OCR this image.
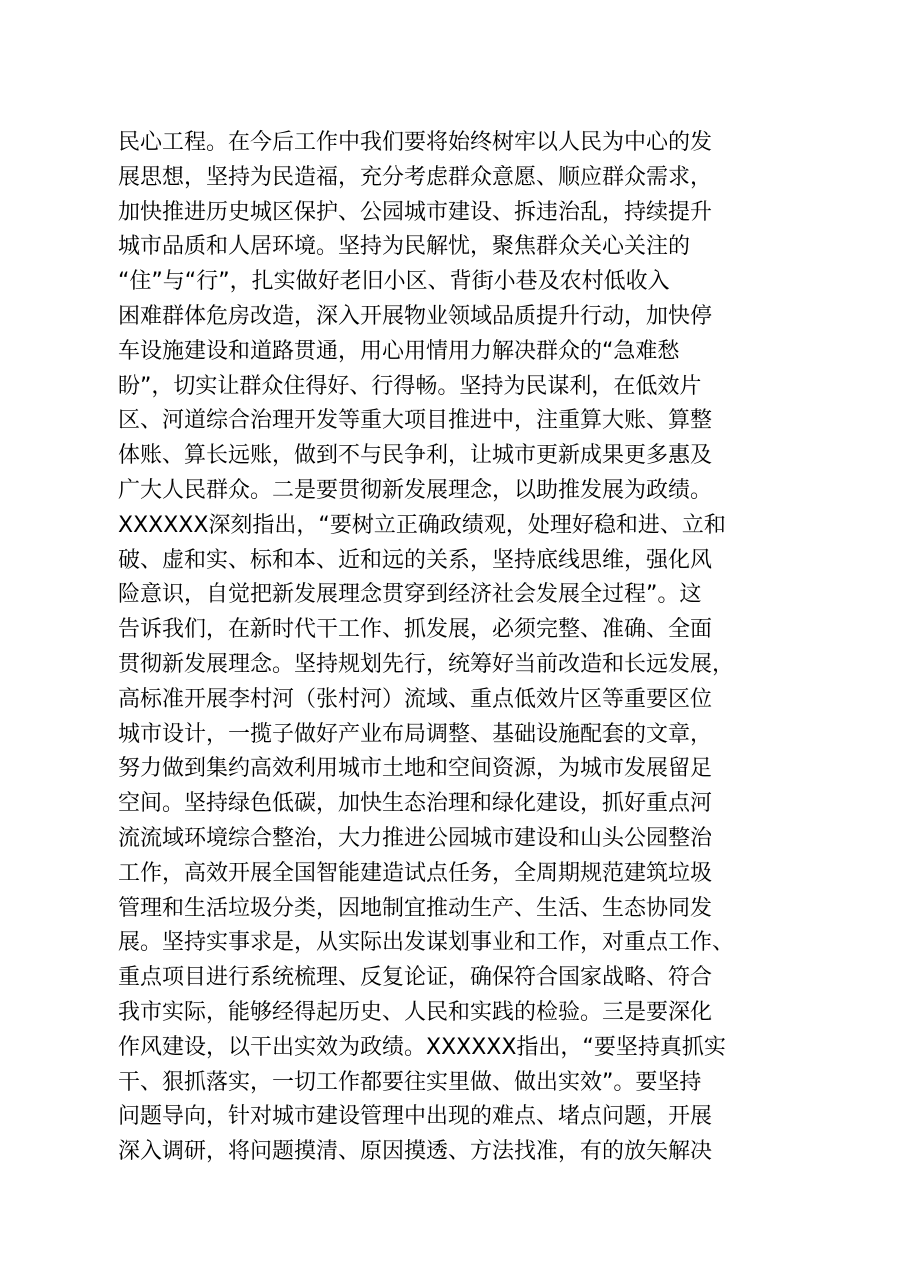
民心工程。在今后工作中我们要将始终树牢以人民为中心的发
展思想，坚持为民造福，充分考虑群众意愿、顺应群众需求，
加快推进历史城区保护、公园城市建设、拆违治乱，持续提升
城市品质和人居环境。坚持为民解忧，聚焦群众关心关注的
“住”与“行”，扎实做好老旧小区、背街小巷及农村低收入
困难群体危房改造，深入开展物业领域品质提升行动，加快停
车设施建设和道路贯通，用心用情用力解决群众的“急难愁
盼”，切实让群众住得好、行得畅。坚持为民谋利，在低效片
区、河道综合治理开发等重大项目推进中，注重算大账、算整
体账、算长远账，做到不与民争利，让城市更新成果更多惠及
广大人民群众。二是要贯彻新发展理念，以助推发展为政绩。
XXXXXX深刻指出，“要树立正确政绩观，处理好稳和进、立和
破、虚和实、标和本、近和远的关系，坚持底线思维，强化风
险意识，自觉把新发展理念贯穿到经济社会发展全过程”。这
告诉我们，在新时代干工作、抓发展，必须完整、准确、全面
贯彻新发展理念。坚持规划先行，统筹好当前改造和长远发展，
高标准开展李村河（张村河）流域、重点低效片区等重要区位
城市设计，一揽子做好产业布局调整、基础设施配套的文章，
努力做到集约高效利用城市土地和空间资源，为城市发展留足
空间。坚持绿色低碳，加快生态治理和绿化建设，抓好重点河
流流域环境综合整治，大力推进公园城市建设和山头公园整治
工作，高效开展全国智能建造试点任务，全周期规范建筑垃圾
管理和生活垃圾分类，因地制宜推动生产、生活、生态协同发
展。坚持实事求是，从实际出发谋划事业和工作，对重点工作、
重点项目进行系统梳理、反复论证，确保符合国家战略、符合
我市实际，能够经得起历史、人民和实践的检验。三是要深化
作风建设，以干出实效为政绩。XXXXXX指出，“要坚持真抓实
干、狠抓落实，一切工作都要往实里做、做出实效”。要坚持
问题导向，针对城市建设管理中出现的难点、堵点问题，开展
深入调研，将问题摸清、原因摸透、方法找准，有的放矢解决
